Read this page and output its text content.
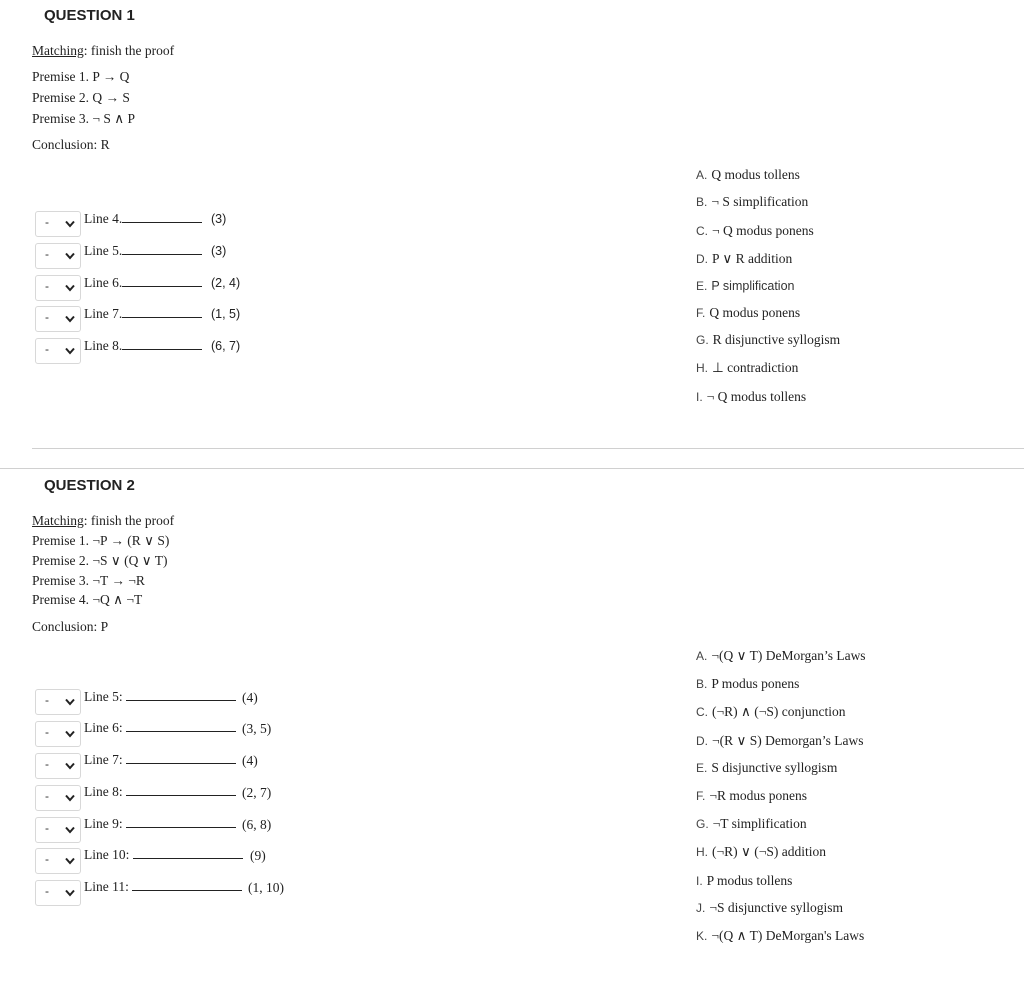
QUESTION 1
Matching: finish the proof
Premise 1. P → Q
Premise 2. Q → S
Premise 3. ¬ S ∧ P
Conclusion: R
-	Line 4.	(3)
-	Line 5.	(3)
-	Line 6.	(2, 4)
-	Line 7.	(1, 5)
-	Line 8.	(6, 7)
A. Q modus tollens
B. ¬ S simplification
C. ¬ Q modus ponens
D. P ∨ R addition
E. P simplification
F. Q modus ponens
G. R disjunctive syllogism
H. ⊥ contradiction
I. ¬ Q modus tollens
QUESTION 2
Matching: finish the proof
Premise 1. ¬P → (R ∨ S)
Premise 2. ¬S ∨ (Q ∨ T)
Premise 3. ¬T → ¬R
Premise 4. ¬Q ∧ ¬T
Conclusion: P
-	Line 5:	(4)
-	Line 6:	(3, 5)
-	Line 7:	(4)
-	Line 8:	(2, 7)
-	Line 9:	(6, 8)
-	Line 10:	(9)
-	Line 11:	(1, 10)
A. ¬(Q ∨ T) DeMorgan’s Laws
B. P modus ponens
C. (¬R) ∧ (¬S) conjunction
D. ¬(R ∨ S) Demorgan’s Laws
E. S disjunctive syllogism
F. ¬R modus ponens
G. ¬T simplification
H. (¬R) ∨ (¬S) addition
I. P modus tollens
J. ¬S disjunctive syllogism
K. ¬(Q ∧ T) DeMorgan's Laws
